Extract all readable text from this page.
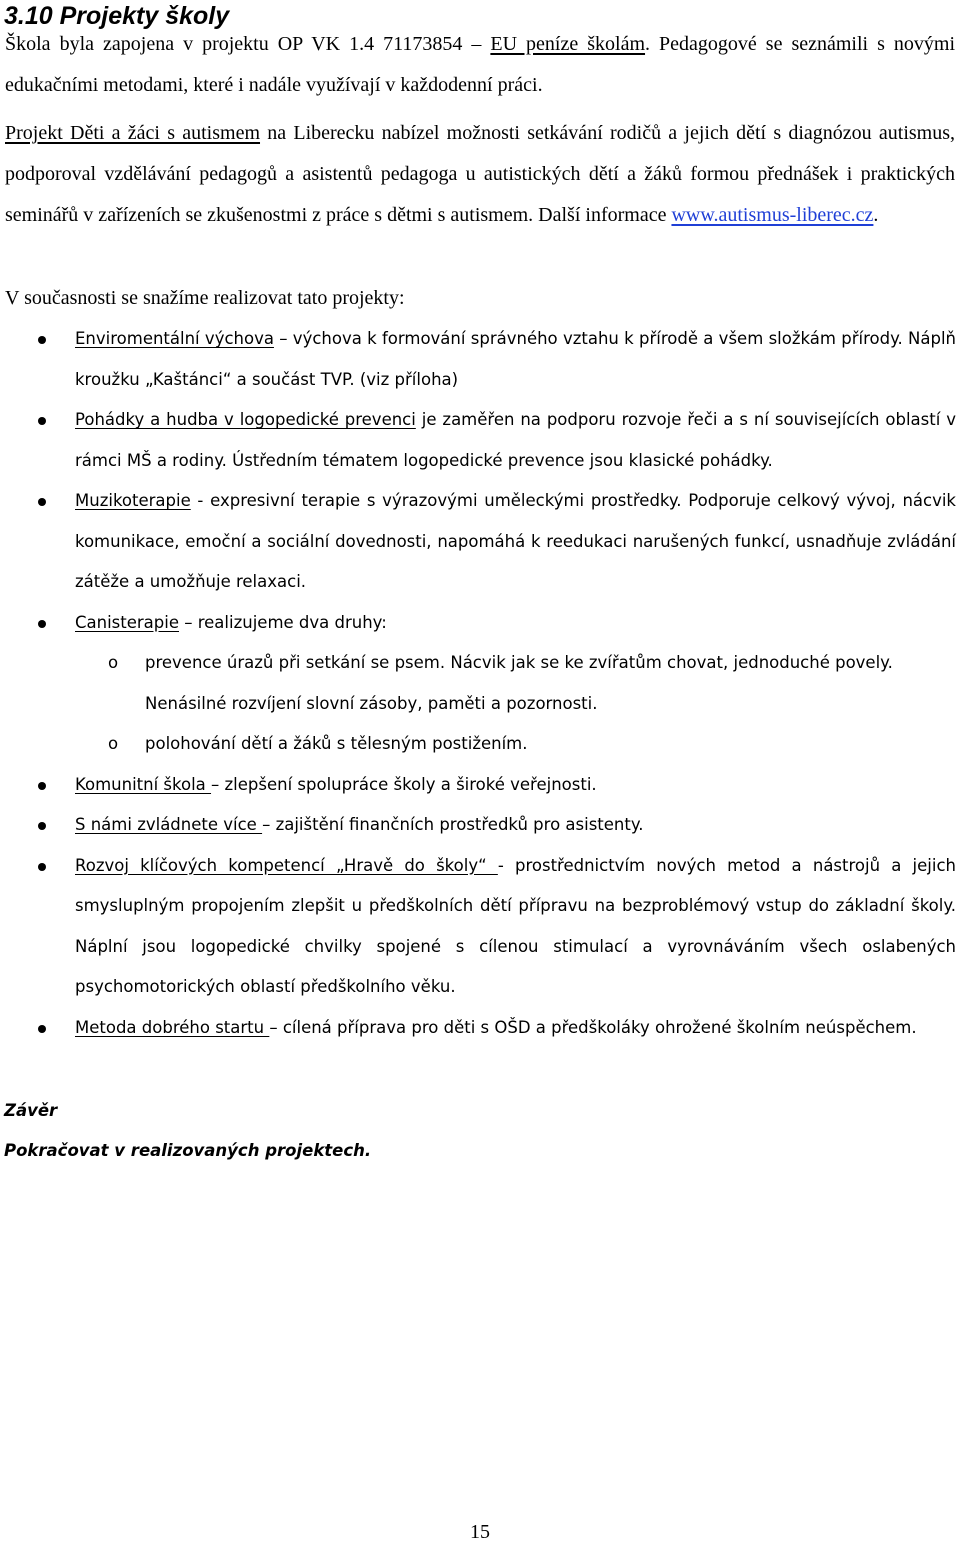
3.10 Projekty školy

Škola byla zapojena v projektu OP VK 1.4 71173854 – EU peníze školám. Pedagogové se seznámili s novými edukačními metodami, které i nadále využívají v každodenní práci.

Projekt Děti a žáci s autismem na Liberecku nabízel možnosti setkávání rodičů a jejich dětí s diagnózou autismus, podporoval vzdělávání pedagogů a asistentů pedagoga u autistických dětí a žáků formou přednášek i praktických seminářů v zařízeních se zkušenostmi z práce s dětmi s autismem. Další informace www.autismus-liberec.cz.

V současnosti se snažíme realizovat tato projekty:

Enviromentální výchova – výchova k formování správného vztahu k přírodě a všem složkám přírody. Náplň kroužku „Kaštánci“ a součást TVP. (viz příloha)
Pohádky a hudba v logopedické prevenci je zaměřen na podporu rozvoje řeči a s ní souvisejících oblastí v rámci MŠ a rodiny. Ústředním tématem logopedické prevence jsou klasické pohádky.
Muzikoterapie - expresivní terapie s výrazovými uměleckými prostředky. Podporuje celkový vývoj, nácvik komunikace, emoční a sociální dovednosti, napomáhá k reedukaci narušených funkcí, usnadňuje zvládání zátěže a umožňuje relaxaci.
Canisterapie – realizujeme dva druhy:
o prevence úrazů při setkání se psem. Nácvik jak se ke zvířatům chovat, jednoduché povely.
Nenásilné rozvíjení slovní zásoby, paměti a pozornosti.
o polohování dětí a žáků s tělesným postižením.
Komunitní škola – zlepšení spolupráce školy a široké veřejnosti.
S námi zvládnete více – zajištění finančních prostředků pro asistenty.
Rozvoj klíčových kompetencí „Hravě do školy“ - prostřednictvím nových metod a nástrojů a jejich smysluplným propojením zlepšit u předškolních dětí přípravu na bezproblémový vstup do základní školy. Náplní jsou logopedické chvilky spojené s cílenou stimulací a vyrovnáváním všech oslabených psychomotorických oblastí předškolního věku.
Metoda dobrého startu – cílená příprava pro děti s OŠD a předškoláky ohrožené školním neúspěchem.

Závěr

Pokračovat v realizovaných projektech.

15
